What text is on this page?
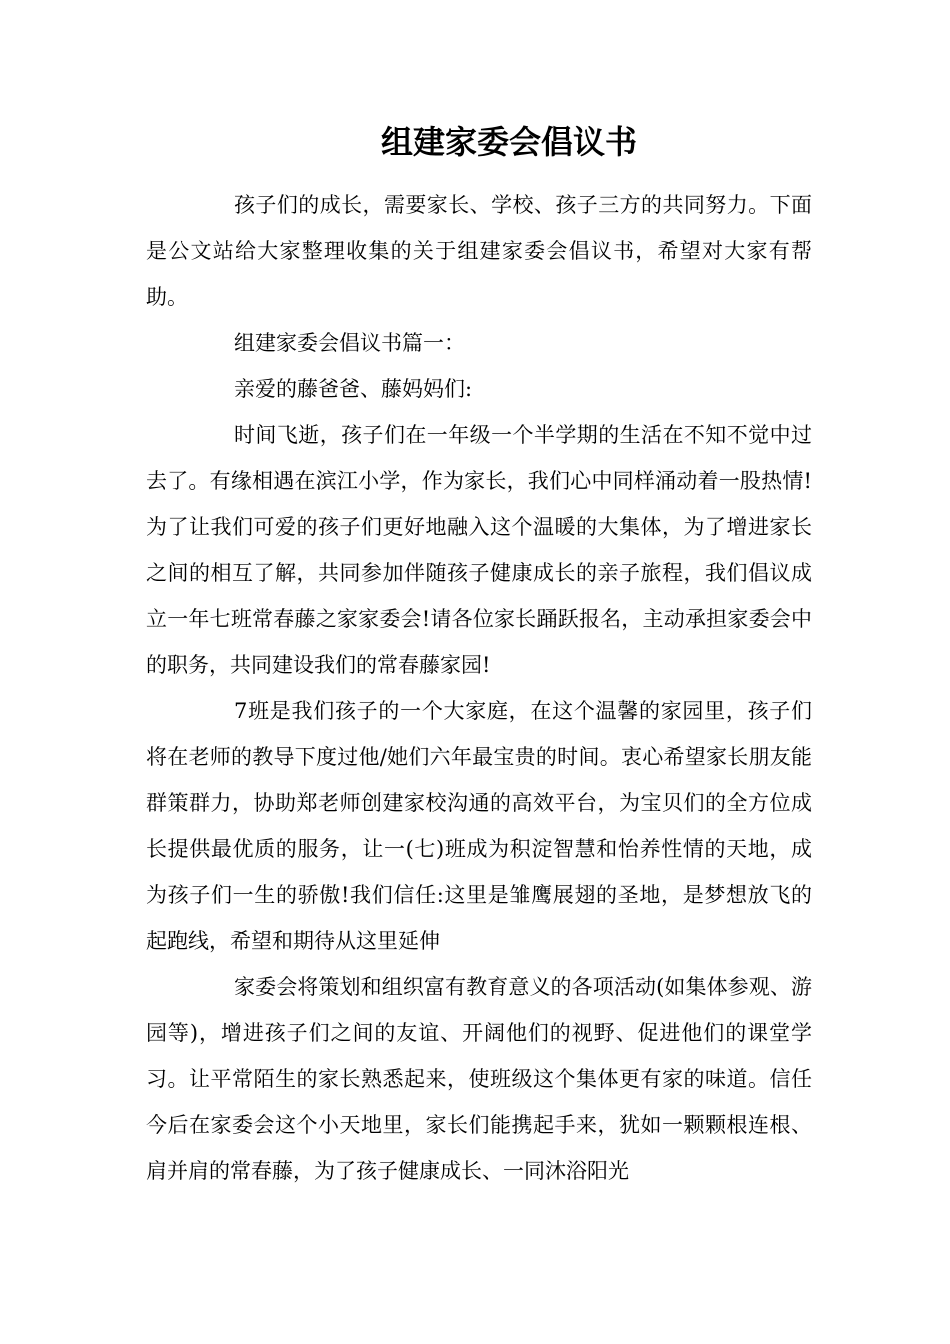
组建家委会倡议书

孩子们的成长，需要家长、学校、孩子三方的共同努力。下面是公文站给大家整理收集的关于组建家委会倡议书，希望对大家有帮助。

组建家委会倡议书篇一：

亲爱的藤爸爸、藤妈妈们:

时间飞逝，孩子们在一年级一个半学期的生活在不知不觉中过去了。有缘相遇在滨江小学，作为家长，我们心中同样涌动着一股热情!为了让我们可爱的孩子们更好地融入这个温暖的大集体，为了增进家长之间的相互了解，共同参加伴随孩子健康成长的亲子旅程，我们倡议成立一年七班常春藤之家家委会!请各位家长踊跃报名，主动承担家委会中的职务，共同建设我们的常春藤家园!

7班是我们孩子的一个大家庭，在这个温馨的家园里，孩子们将在老师的教导下度过他/她们六年最宝贵的时间。衷心希望家长朋友能群策群力，协助郑老师创建家校沟通的高效平台，为宝贝们的全方位成长提供最优质的服务，让一(七)班成为积淀智慧和怡养性情的天地，成为孩子们一生的骄傲!我们信任:这里是雏鹰展翅的圣地，是梦想放飞的起跑线，希望和期待从这里延伸

家委会将策划和组织富有教育意义的各项活动(如集体参观、游园等)，增进孩子们之间的友谊、开阔他们的视野、促进他们的课堂学习。让平常陌生的家长熟悉起来，使班级这个集体更有家的味道。信任今后在家委会这个小天地里，家长们能携起手来，犹如一颗颗根连根、肩并肩的常春藤，为了孩子健康成长、一同沐浴阳光
